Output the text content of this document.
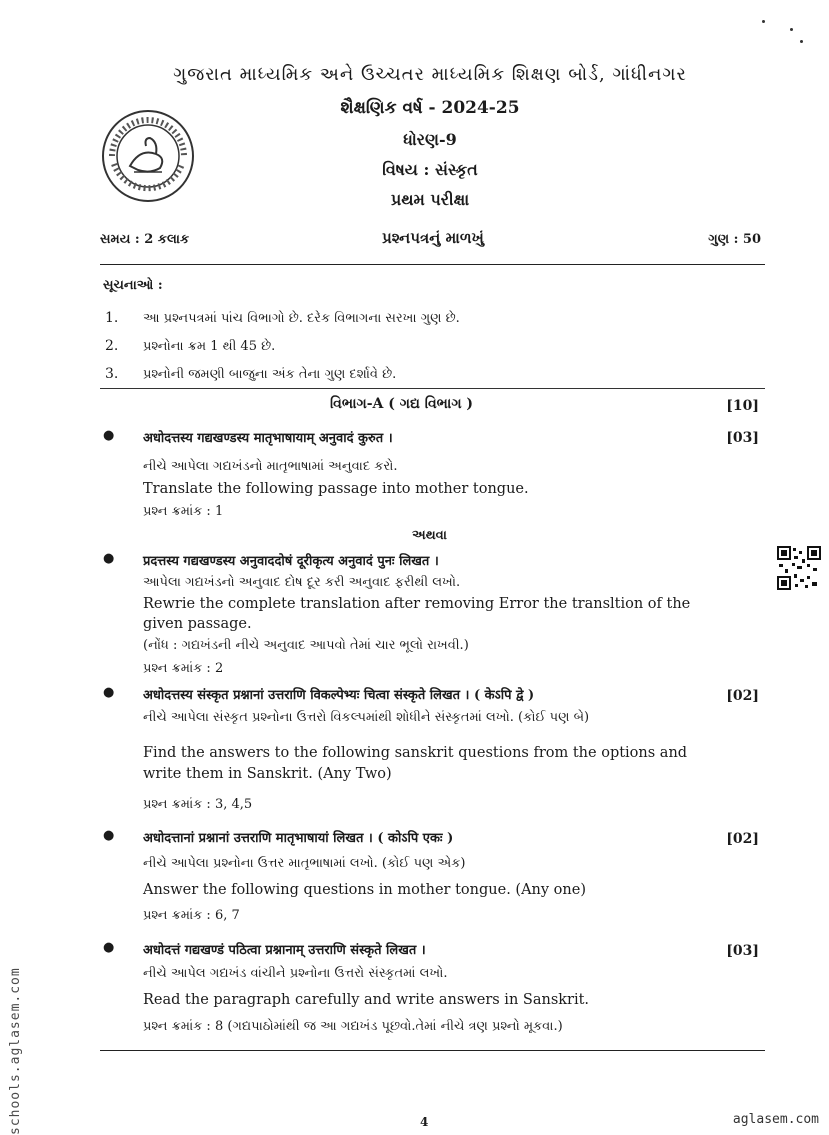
ગુજરાત માધ્યમિક અને ઉચ્ચતર માધ્યમિક શિક્ષણ બોર્ડ, ગાંધીનગર
શૈક્ષણિક વર્ષ - 2024-25
ધોરણ-9
વિષય : સંસ્કૃત
પ્રથમ પરીક્ષા
સમય : 2 કલાક	પ્રશ્નપત્રનું માળખું	ગુણ : 50
સૂચનાઓ :
1. આ પ્રશ્નપત્રમાં પાંચ વિભાગો છે. દરેક વિભાગના સરખા ગુણ છે.
2. પ્રશ્નોના ક્રમ 1 થી 45 છે.
3. પ્રશ્નોની જમણી બાજુના અંક તેના ગુણ દર્શાવે છે.
વિભાગ-A ( ગદ્ય વિભાગ )	[10]
● अधोदत्तस्य गद्यखण्डस्य मातृभाषायाम् अनुवादं कुरुत ।	[03]
નીચે આપેલા ગદ્યખંડનો માતૃભાષામાં અનુવાદ કરો.
Translate the following passage into mother tongue.
પ્રશ્ન ક્રમાંક : 1
અથવા
● प्रदत्तस्य गद्यखण्डस्य अनुवाददोषं दूरीकृत्य अनुवादं पुनः लिखत ।
આપેલા ગદ્યખંડનો અનુવાદ દોષ દૂર કરી અનુવાદ ફરીથી લખો.
Rewrie the complete translation after removing Error the transltion of the
given passage.
(નોંધ : ગદ્યખંડની નીચે અનુવાદ આપવો તેમાં ચાર ભૂલો રાખવી.)
પ્રશ્ન ક્રમાંક : 2
● अधोदत्तस्य संस्कृत प्रश्नानां उत्तराणि विकल्पेभ्यः चित्वा संस्कृते लिखत । ( केऽपि द्वे )	[02]
નીચે આપેલા સંસ્કૃત પ્રશ્નોના ઉત્તરો વિકલ્પમાંથી શોધીને સંસ્કૃતમાં લખો. (કોઈ પણ બે)
Find the answers to the following sanskrit questions from the options and
write them in Sanskrit. (Any Two)
પ્રશ્ન ક્રમાંક : 3, 4,5
● अधोदत्तानां प्रश्नानां उत्तराणि मातृभाषायां लिखत । ( कोऽपि एकः )	[02]
નીચે આપેલા પ્રશ્નોના ઉત્તર માતૃભાષામાં લખો. (કોઈ પણ એક)
Answer the following questions in mother tongue. (Any one)
પ્રશ્ન ક્રમાંક : 6, 7
● अधोदत्तं गद्यखण्डं पठित्वा प्रश्नानाम् उत्तराणि संस्कृते लिखत ।	[03]
નીચે આપેલ ગદ્યખંડ વાંચીને પ્રશ્નોના ઉત્તરો સંસ્કૃતમાં લખો.
Read the paragraph carefully and write answers in Sanskrit.
પ્રશ્ન ક્રમાંક : 8 (ગદ્યપાઠોમાંથી જ આ ગદ્યખંડ પૂછવો.તેમાં નીચે ત્રણ પ્રશ્નો મૂકવા.)
4	aglasem.com
schools.aglasem.com
